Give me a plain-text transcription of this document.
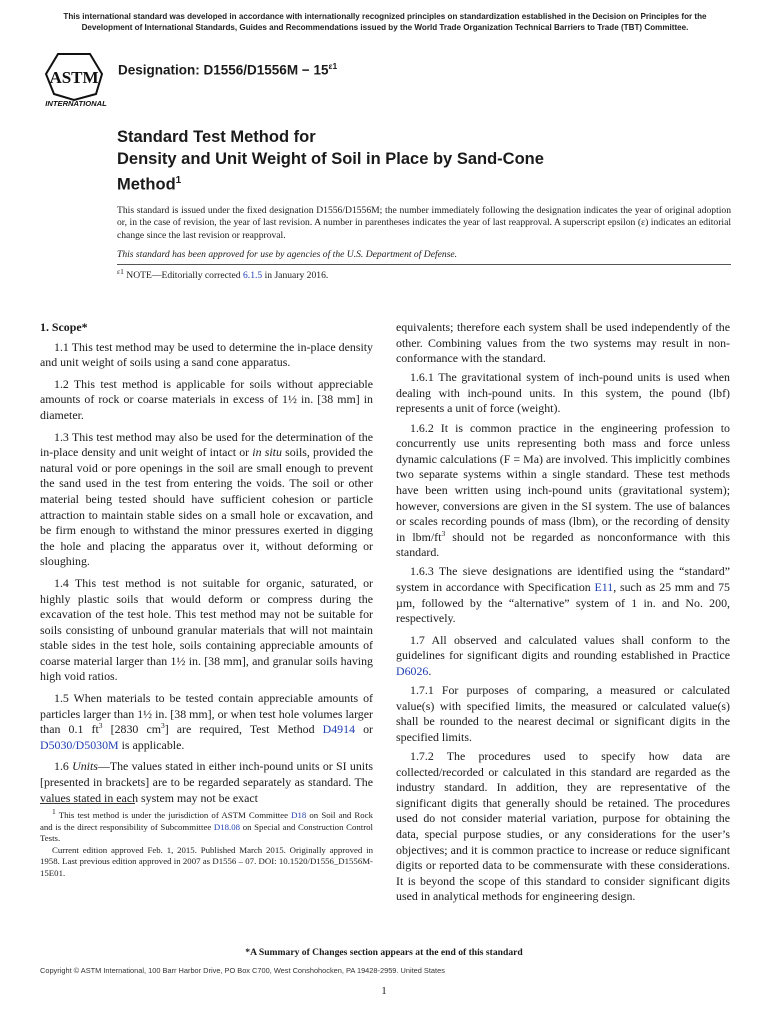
This international standard was developed in accordance with internationally recognized principles on standardization established in the Decision on Principles for the Development of International Standards, Guides and Recommendations issued by the World Trade Organization Technical Barriers to Trade (TBT) Committee.
ASTM
INTERNATIONAL
Designation: $D1556/D1556M - 15^{\varepsilon 1}$
Standard Test Method for
Density and Unit Weight of Soil in Place by Sand-Cone
Method$^1$
This standard is issued under the fixed designation D1556/D1556M; the number immediately following the designation indicates the year of original adoption or, in the case of revision, the year of last revision. A number in parentheses indicates the year of last reapproval. A superscript epsilon (ε) indicates an editorial change since the last revision or reapproval.
This standard has been approved for use by agencies of the U.S. Department of Defense.
$^{\varepsilon 1}$ NOTE—Editorially corrected 6.1.5 in January 2016.

1. Scope*

1.1 This test method may be used to determine the in-place density and unit weight of soils using a sand cone apparatus.

1.2 This test method is applicable for soils without appreciable amounts of rock or coarse materials in excess of 1½ in. [38 mm] in diameter.

1.3 This test method may also be used for the determination of the in-place density and unit weight of intact or in situ soils, provided the natural void or pore openings in the soil are small enough to prevent the sand used in the test from entering the voids. The soil or other material being tested should have sufficient cohesion or particle attraction to maintain stable sides on a small hole or excavation, and be firm enough to withstand the minor pressures exerted in digging the hole and placing the apparatus over it, without deforming or sloughing.

1.4 This test method is not suitable for organic, saturated, or highly plastic soils that would deform or compress during the excavation of the test hole. This test method may not be suitable for soils consisting of unbound granular materials that will not maintain stable sides in the test hole, soils containing appreciable amounts of coarse material larger than 1½ in. [38 mm], and granular soils having high void ratios.

1.5 When materials to be tested contain appreciable amounts of particles larger than 1½ in. [38 mm], or when test hole volumes larger than 0.1 $ft^3$ [2830 $cm^3$] are required, Test Method D4914 or D5030/D5030M is applicable.

1.6 Units—The values stated in either inch-pound units or SI units [presented in brackets] are to be regarded separately as standard. The values stated in each system may not be exact

equivalents; therefore each system shall be used independently of the other. Combining values from the two systems may result in non-conformance with the standard.

1.6.1 The gravitational system of inch-pound units is used when dealing with inch-pound units. In this system, the pound (lbf) represents a unit of force (weight).

1.6.2 It is common practice in the engineering profession to concurrently use units representing both mass and force unless dynamic calculations (F = Ma) are involved. This implicitly combines two separate systems within a single standard. These test methods have been written using inch-pound units (gravitational system); however, conversions are given in the SI system. The use of balances or scales recording pounds of mass (lbm), or the recording of density in lbm/$ft^3$ should not be regarded as nonconformance with this standard.

1.6.3 The sieve designations are identified using the “standard” system in accordance with Specification E11, such as 25 mm and 75 µm, followed by the “alternative” system of 1 in. and No. 200, respectively.

1.7 All observed and calculated values shall conform to the guidelines for significant digits and rounding established in Practice D6026.

1.7.1 For purposes of comparing, a measured or calculated value(s) with specified limits, the measured or calculated value(s) shall be rounded to the nearest decimal or significant digits in the specified limits.

1.7.2 The procedures used to specify how data are collected/recorded or calculated in this standard are regarded as the industry standard. In addition, they are representative of the significant digits that generally should be retained. The procedures used do not consider material variation, purpose for obtaining the data, special purpose studies, or any considerations for the user’s objectives; and it is common practice to increase or reduce significant digits or reported data to be commensurate with these considerations. It is beyond the scope of this standard to consider significant digits used in analytical methods for engineering design.

$^1$ This test method is under the jurisdiction of ASTM Committee D18 on Soil and Rock and is the direct responsibility of Subcommittee D18.08 on Special and Construction Control Tests.

Current edition approved Feb. 1, 2015. Published March 2015. Originally approved in 1958. Last previous edition approved in 2007 as D1556 – 07. DOI: 10.1520/D1556_D1556M-15E01.

*A Summary of Changes section appears at the end of this standard
Copyright © ASTM International, 100 Barr Harbor Drive, PO Box C700, West Conshohocken, PA 19428-2959. United States
1
